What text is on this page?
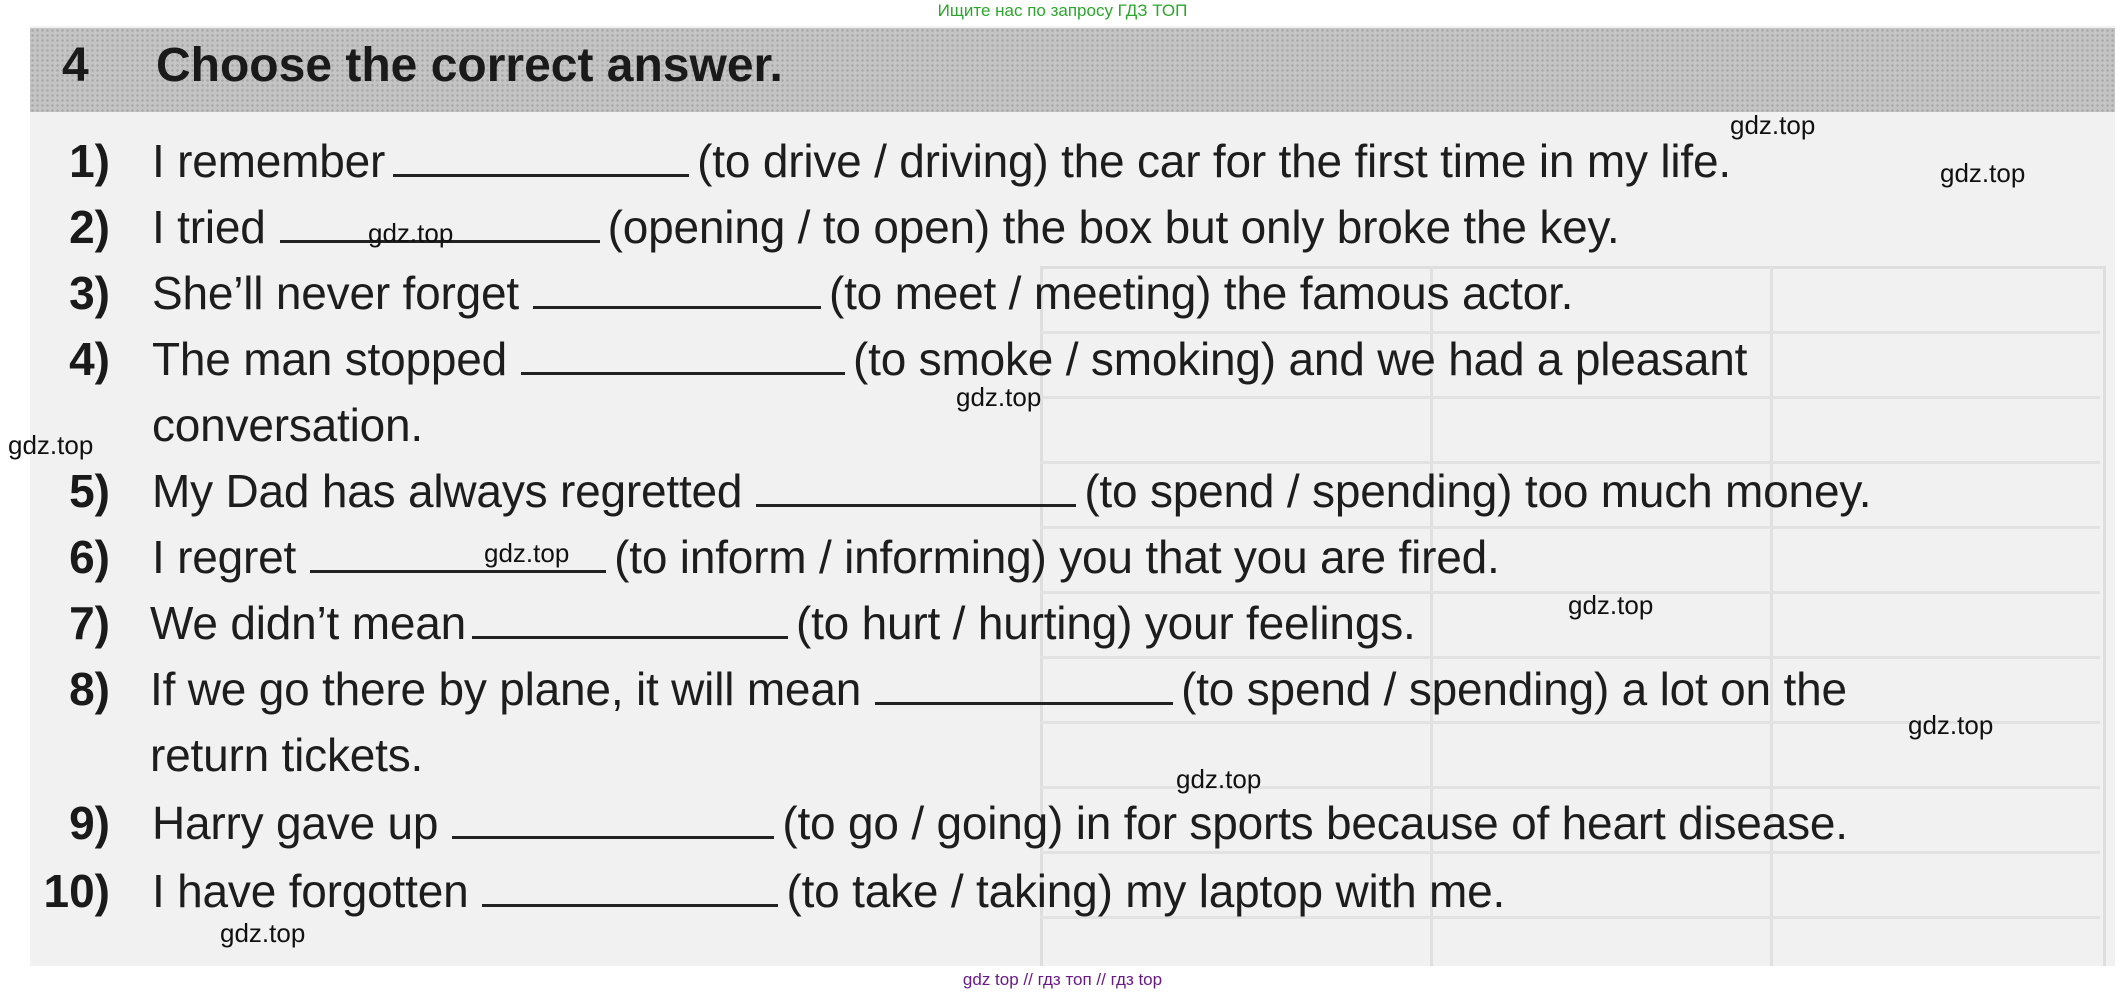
Ищите нас по запросу ГДЗ ТОП
4 Choose the correct answer.
1) I remember	(to drive / driving) the car for the first time in my life.
2) I tried	(opening / to open) the box but only broke the key.
3) She’ll never forget	(to meet / meeting) the famous actor.
4) The man stopped	(to smoke / smoking) and we had a pleasant
conversation.
5) My Dad has always regretted	(to spend / spending) too much money.
6) I regret	(to inform / informing) you that you are fired.
7) We didn’t mean	(to hurt / hurting) your feelings.
8) If we go there by plane, it will mean	(to spend / spending) a lot on the
return tickets.
9) Harry gave up	(to go / going) in for sports because of heart disease.
10) I have forgotten	(to take / taking) my laptop with me.
gdz.top
gdz.top
gdz.top
gdz.top
gdz.top
gdz.top
gdz.top
gdz.top
gdz.top
gdz.top
gdz top // гдз топ // гдз top
